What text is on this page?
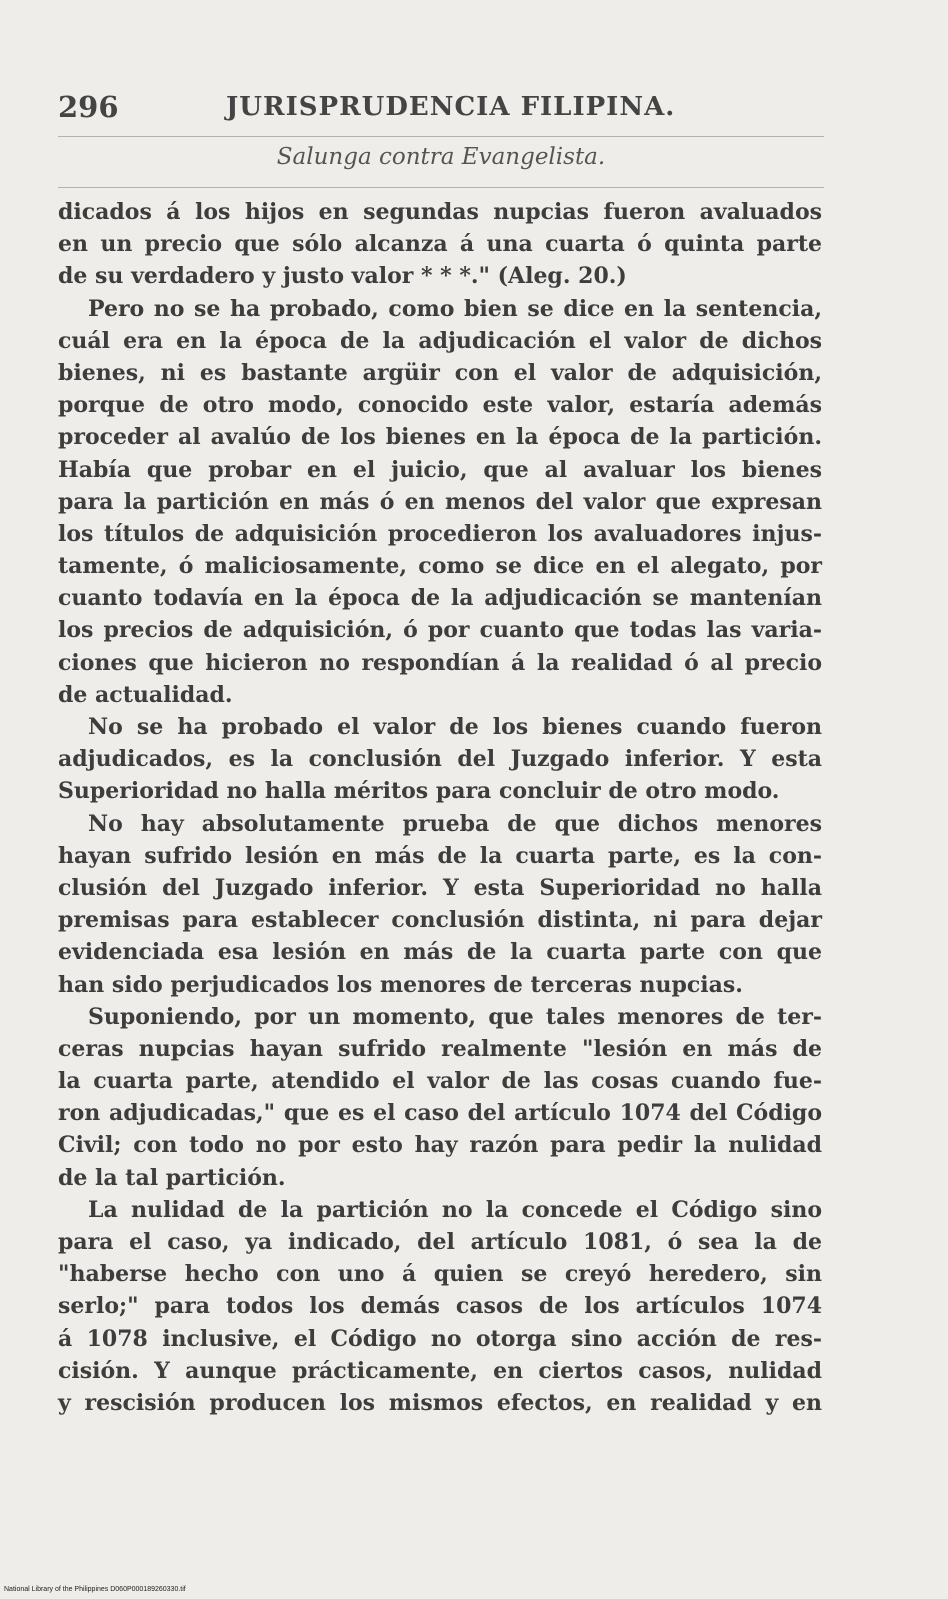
296	JURISPRUDENCIA FILIPINA.
Salunga contra Evangelista.
dicados á los hijos en segundas nupcias fueron avaluados
en un precio que sólo alcanza á una cuarta ó quinta parte
de su verdadero y justo valor * * *." (Aleg. 20.)
Pero no se ha probado, como bien se dice en la sentencia,
cuál era en la época de la adjudicación el valor de dichos
bienes, ni es bastante argüir con el valor de adquisición,
porque de otro modo, conocido este valor, estaría además
proceder al avalúo de los bienes en la época de la partición.
Había que probar en el juicio, que al avaluar los bienes
para la partición en más ó en menos del valor que expresan
los títulos de adquisición procedieron los avaluadores injus-
tamente, ó maliciosamente, como se dice en el alegato, por
cuanto todavía en la época de la adjudicación se mantenían
los precios de adquisición, ó por cuanto que todas las varia-
ciones que hicieron no respondían á la realidad ó al precio
de actualidad.
No se ha probado el valor de los bienes cuando fueron
adjudicados, es la conclusión del Juzgado inferior. Y esta
Superioridad no halla méritos para concluir de otro modo.
No hay absolutamente prueba de que dichos menores
hayan sufrido lesión en más de la cuarta parte, es la con-
clusión del Juzgado inferior. Y esta Superioridad no halla
premisas para establecer conclusión distinta, ni para dejar
evidenciada esa lesión en más de la cuarta parte con que
han sido perjudicados los menores de terceras nupcias.
Suponiendo, por un momento, que tales menores de ter-
ceras nupcias hayan sufrido realmente "lesión en más de
la cuarta parte, atendido el valor de las cosas cuando fue-
ron adjudicadas," que es el caso del artículo 1074 del Código
Civil; con todo no por esto hay razón para pedir la nulidad
de la tal partición.
La nulidad de la partición no la concede el Código sino
para el caso, ya indicado, del artículo 1081, ó sea la de
"haberse hecho con uno á quien se creyó heredero, sin
serlo;" para todos los demás casos de los artículos 1074
á 1078 inclusive, el Código no otorga sino acción de res-
cisión. Y aunque prácticamente, en ciertos casos, nulidad
y rescisión producen los mismos efectos, en realidad y en
National Library of the Philippines D060P000189260330.tif
